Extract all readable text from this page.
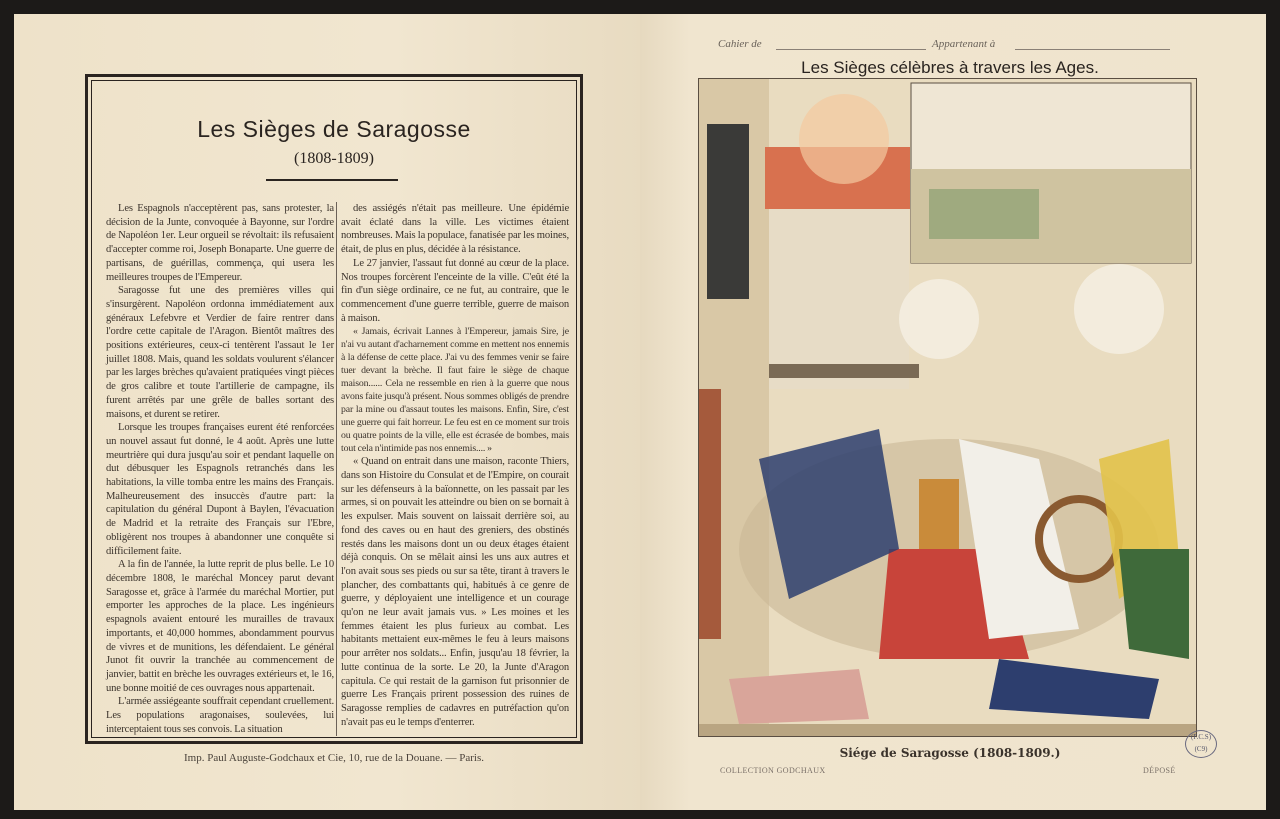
Les Sièges de Saragosse
(1808-1809)

Les Espagnols n'acceptèrent pas, sans protester, la décision de la Junte, convoquée à Bayonne, sur l'ordre de Napoléon 1er. Leur orgueil se révoltait: ils refusaient d'accepter comme roi, Joseph Bonaparte. Une guerre de partisans, de guérillas, commença, qui usera les meilleures troupes de l'Empereur.

Saragosse fut une des premières villes qui s'insurgèrent. Napoléon ordonna immédiatement aux généraux Lefebvre et Verdier de faire rentrer dans l'ordre cette capitale de l'Aragon. Bientôt maîtres des positions extérieures, ceux-ci tentèrent l'assaut le 1er juillet 1808. Mais, quand les soldats voulurent s'élancer par les larges brèches qu'avaient pratiquées vingt pièces de gros calibre et toute l'artillerie de campagne, ils furent arrêtés par une grêle de balles sortant des maisons, et durent se retirer.

Lorsque les troupes françaises eurent été renforcées un nouvel assaut fut donné, le 4 août. Après une lutte meurtrière qui dura jusqu'au soir et pendant laquelle on dut débusquer les Espagnols retranchés dans les habitations, la ville tomba entre les mains des Français. Malheureusement des insuccès d'autre part: la capitulation du général Dupont à Baylen, l'évacuation de Madrid et la retraite des Français sur l'Ebre, obligèrent nos troupes à abandonner une conquête si difficilement faite.

A la fin de l'année, la lutte reprit de plus belle. Le 10 décembre 1808, le maréchal Moncey parut devant Saragosse et, grâce à l'armée du maréchal Mortier, put emporter les approches de la place. Les ingénieurs espagnols avaient entouré les murailles de travaux importants, et 40,000 hommes, abondamment pourvus de vivres et de munitions, les défendaient. Le général Junot fit ouvrir la tranchée au commencement de janvier, battit en brèche les ouvrages extérieurs et, le 16, une bonne moitié de ces ouvrages nous appartenait.

L'armée assiégeante souffrait cependant cruellement. Les populations aragonaises, soulevées, lui interceptaient tous ses convois. La situation

des assiégés n'était pas meilleure. Une épidémie avait éclaté dans la ville. Les victimes étaient nombreuses. Mais la populace, fanatisée par les moines, était, de plus en plus, décidée à la résistance.

Le 27 janvier, l'assaut fut donné au cœur de la place. Nos troupes forcèrent l'enceinte de la ville. C'eût été la fin d'un siège ordinaire, ce ne fut, au contraire, que le commencement d'une guerre terrible, guerre de maison à maison.

« Jamais, écrivait Lannes à l'Empereur, jamais Sire, je n'ai vu autant d'acharnement comme en mettent nos ennemis à la défense de cette place. J'ai vu des femmes venir se faire tuer devant la brèche. Il faut faire le siège de chaque maison...... Cela ne ressemble en rien à la guerre que nous avons faite jusqu'à présent. Nous sommes obligés de prendre par la mine ou d'assaut toutes les maisons. Enfin, Sire, c'est une guerre qui fait horreur. Le feu est en ce moment sur trois ou quatre points de la ville, elle est écrasée de bombes, mais tout cela n'intimide pas nos ennemis.... »

« Quand on entrait dans une maison, raconte Thiers, dans son Histoire du Consulat et de l'Empire, on courait sur les défenseurs à la baïonnette, on les passait par les armes, si on pouvait les atteindre ou bien on se bornait à les expulser. Mais souvent on laissait derrière soi, au fond des caves ou en haut des greniers, des obstinés restés dans les maisons dont un ou deux étages étaient déjà conquis. On se mêlait ainsi les uns aux autres et l'on avait sous ses pieds ou sur sa tête, tirant à travers le plancher, des combattants qui, habitués à ce genre de guerre, y déployaient une intelligence et un courage qu'on ne leur avait jamais vus. » Les moines et les femmes étaient les plus furieux au combat. Les habitants mettaient eux-mêmes le feu à leurs maisons pour arrêter nos soldats... Enfin, jusqu'au 18 février, la lutte continua de la sorte. Le 20, la Junte d'Aragon capitula. Ce qui restait de la garnison fut prisonnier de guerre Les Français prirent possession des ruines de Saragosse remplies de cadavres en putréfaction qu'on n'avait pas eu le temps d'enterrer.

Imp. Paul Auguste-Godchaux et Cie, 10, rue de la Douane. — Paris.
Cahier de	Appartenant à
Les Sièges célèbres à travers les Ages.
Siége de Saragosse (1808-1809.)
COLLECTION GODCHAUX	DÉPOSÉ
(F.C.S) (C9)
